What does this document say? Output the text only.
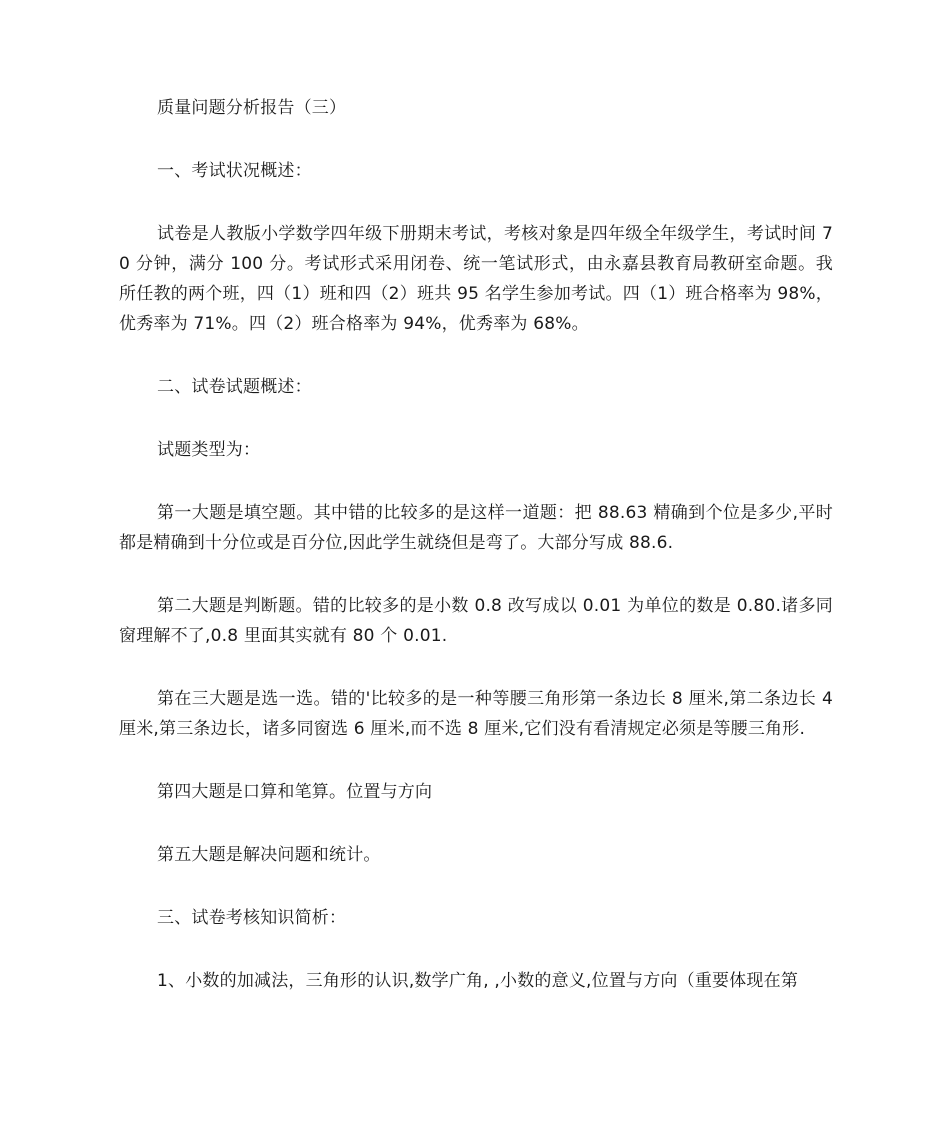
质量问题分析报告（三）

一、考试状况概述：

试卷是人教版小学数学四年级下册期末考试，考核对象是四年级全年级学生，考试时间 70 分钟，满分 100 分。考试形式采用闭卷、统一笔试形式，由永嘉县教育局教研室命题。我所任教的两个班，四（1）班和四（2）班共 95 名学生参加考试。四（1）班合格率为 98%，优秀率为 71%。四（2）班合格率为 94%，优秀率为 68%。

二、试卷试题概述：

试题类型为：

第一大题是填空题。其中错的比较多的是这样一道题：把 88.63 精确到个位是多少,平时都是精确到十分位或是百分位,因此学生就绕但是弯了。大部分写成 88.6.

第二大题是判断题。错的比较多的是小数 0.8 改写成以 0.01 为单位的数是 0.80.诸多同窗理解不了,0.8 里面其实就有 80 个 0.01.

第在三大题是选一选。错的'比较多的是一种等腰三角形第一条边长 8 厘米,第二条边长 4 厘米,第三条边长，诸多同窗选 6 厘米,而不选 8 厘米,它们没有看清规定必须是等腰三角形.

第四大题是口算和笔算。位置与方向

第五大题是解决问题和统计。

三、试卷考核知识简析：

1、小数的加减法，三角形的认识,数学广角, ,小数的意义,位置与方向（重要体现在第
